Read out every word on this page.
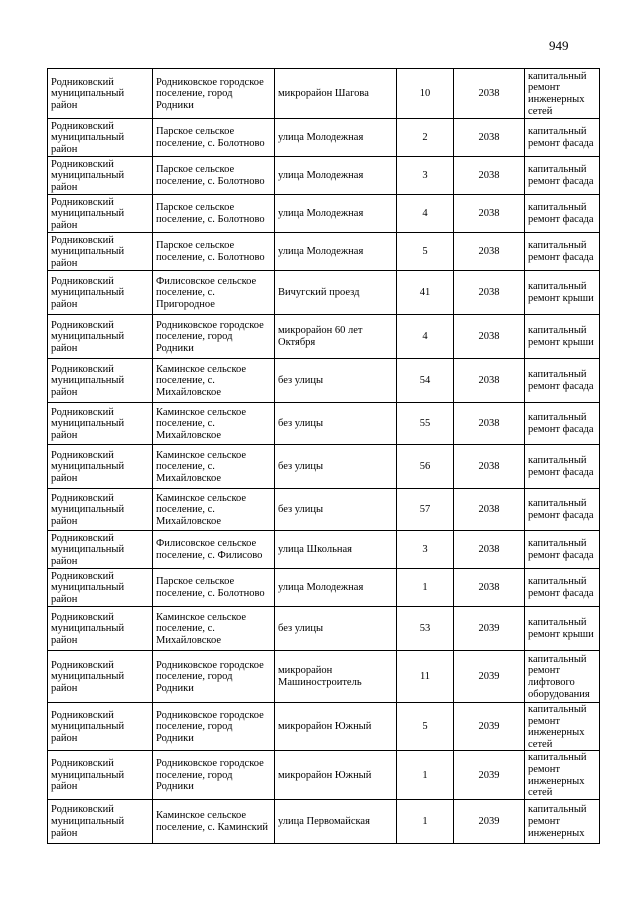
949
Родниковский муниципальный район	Родниковское городское поселение, город Родники	микрорайон Шагова	10	2038	капитальный ремонт инженерных сетей
Родниковский муниципальный район	Парское сельское поселение, с. Болотново	улица Молодежная	2	2038	капитальный ремонт фасада
Родниковский муниципальный район	Парское сельское поселение, с. Болотново	улица Молодежная	3	2038	капитальный ремонт фасада
Родниковский муниципальный район	Парское сельское поселение, с. Болотново	улица Молодежная	4	2038	капитальный ремонт фасада
Родниковский муниципальный район	Парское сельское поселение, с. Болотново	улица Молодежная	5	2038	капитальный ремонт фасада
Родниковский муниципальный район	Филисовское сельское поселение, с. Пригородное	Вичугский проезд	41	2038	капитальный ремонт крыши
Родниковский муниципальный район	Родниковское городское поселение, город Родники	микрорайон 60 лет Октября	4	2038	капитальный ремонт крыши
Родниковский муниципальный район	Каминское сельское поселение, с. Михайловское	без улицы	54	2038	капитальный ремонт фасада
Родниковский муниципальный район	Каминское сельское поселение, с. Михайловское	без улицы	55	2038	капитальный ремонт фасада
Родниковский муниципальный район	Каминское сельское поселение, с. Михайловское	без улицы	56	2038	капитальный ремонт фасада
Родниковский муниципальный район	Каминское сельское поселение, с. Михайловское	без улицы	57	2038	капитальный ремонт фасада
Родниковский муниципальный район	Филисовское сельское поселение, с. Филисово	улица Школьная	3	2038	капитальный ремонт фасада
Родниковский муниципальный район	Парское сельское поселение, с. Болотново	улица Молодежная	1	2038	капитальный ремонт фасада
Родниковский муниципальный район	Каминское сельское поселение, с. Михайловское	без улицы	53	2039	капитальный ремонт крыши
Родниковский муниципальный район	Родниковское городское поселение, город Родники	микрорайон Машиностроитель	11	2039	капитальный ремонт лифтового оборудования
Родниковский муниципальный район	Родниковское городское поселение, город Родники	микрорайон Южный	5	2039	капитальный ремонт инженерных сетей
Родниковский муниципальный район	Родниковское городское поселение, город Родники	микрорайон Южный	1	2039	капитальный ремонт инженерных сетей
Родниковский муниципальный район	Каминское сельское поселение, с. Каминский	улица Первомайская	1	2039	капитальный ремонт инженерных
